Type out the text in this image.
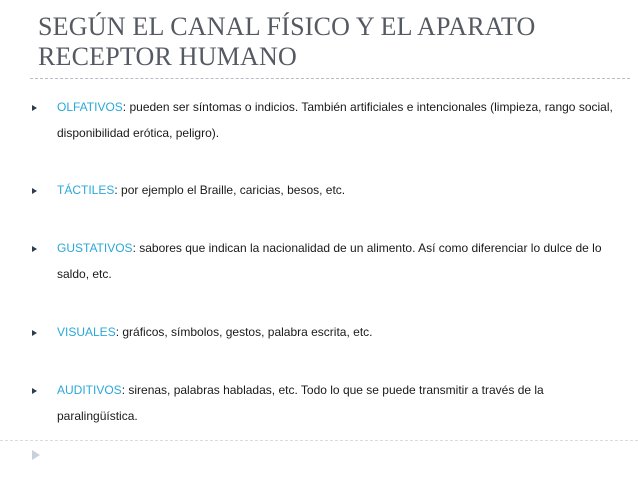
SEGÚN EL CANAL FÍSICO Y EL APARATO
RECEPTOR HUMANO
OLFATIVOS: pueden ser síntomas o indicios. También artificiales e intencionales (limpieza, rango social, disponibilidad erótica, peligro).
TÁCTILES: por ejemplo el Braille, caricias, besos, etc.
GUSTATIVOS: sabores que indican la nacionalidad de un alimento. Así como diferenciar lo dulce de lo saldo, etc.
VISUALES: gráficos, símbolos, gestos, palabra escrita, etc.
AUDITIVOS: sirenas, palabras habladas, etc. Todo lo que se puede transmitir a través de la paralingüística.
